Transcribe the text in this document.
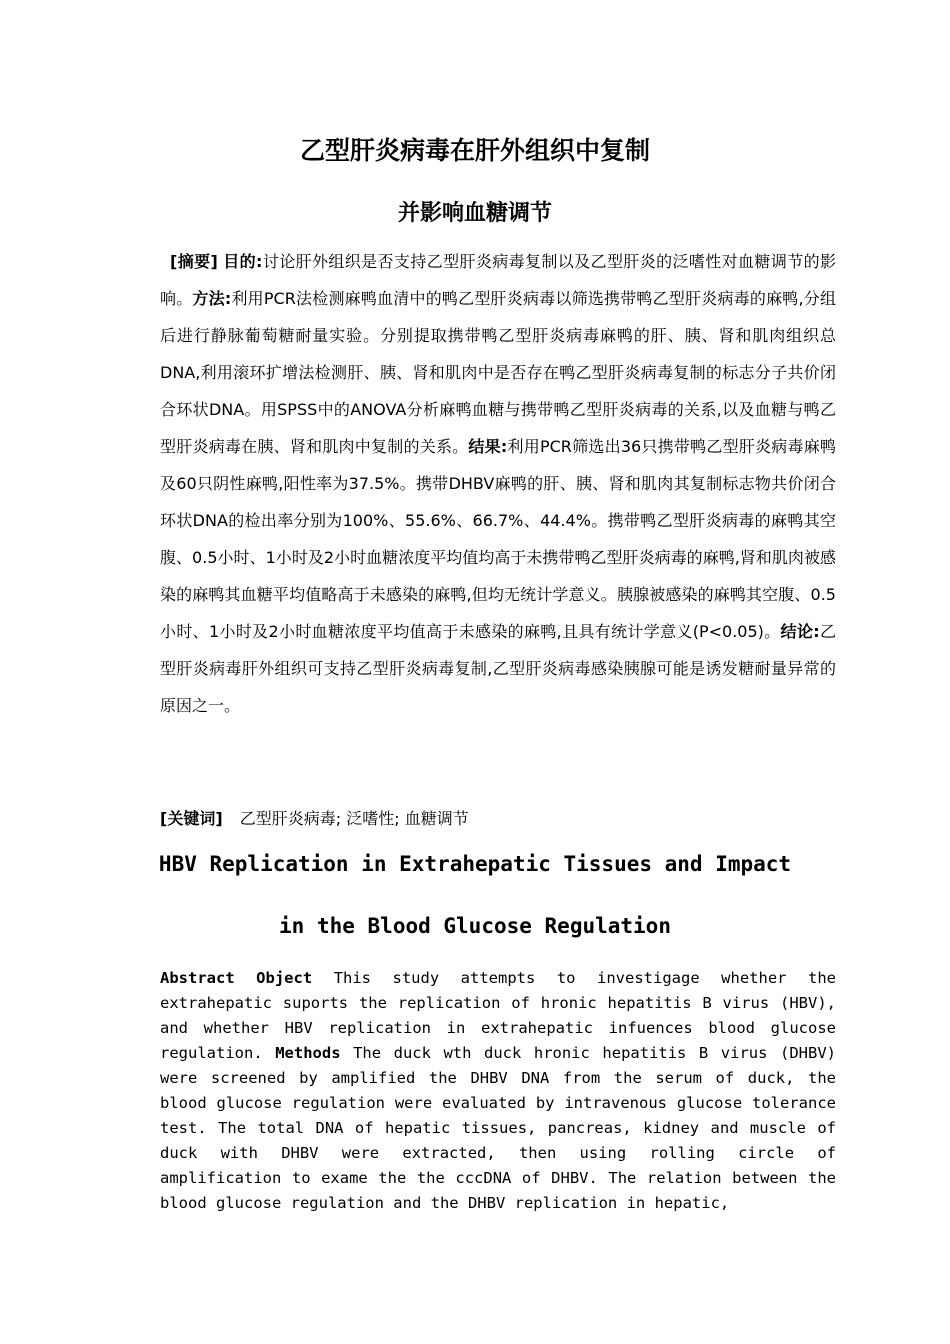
乙型肝炎病毒在肝外组织中复制
并影响血糖调节
[摘要] 目的:讨论肝外组织是否支持乙型肝炎病毒复制以及乙型肝炎的泛嗜性对血糖调节的影响。方法:利用PCR法检测麻鸭血清中的鸭乙型肝炎病毒以筛选携带鸭乙型肝炎病毒的麻鸭,分组后进行静脉葡萄糖耐量实验。分别提取携带鸭乙型肝炎病毒麻鸭的肝、胰、肾和肌肉组织总DNA,利用滚环扩增法检测肝、胰、肾和肌肉中是否存在鸭乙型肝炎病毒复制的标志分子共价闭合环状DNA。用SPSS中的ANOVA分析麻鸭血糖与携带鸭乙型肝炎病毒的关系,以及血糖与鸭乙型肝炎病毒在胰、肾和肌肉中复制的关系。结果:利用PCR筛选出36只携带鸭乙型肝炎病毒麻鸭及60只阴性麻鸭,阳性率为37.5%。携带DHBV麻鸭的肝、胰、肾和肌肉其复制标志物共价闭合环状DNA的检出率分别为100%、55.6%、66.7%、44.4%。携带鸭乙型肝炎病毒的麻鸭其空腹、0.5小时、1小时及2小时血糖浓度平均值均高于未携带鸭乙型肝炎病毒的麻鸭,肾和肌肉被感染的麻鸭其血糖平均值略高于未感染的麻鸭,但均无统计学意义。胰腺被感染的麻鸭其空腹、0.5小时、1小时及2小时血糖浓度平均值高于未感染的麻鸭,且具有统计学意义(P<0.05)。结论:乙型肝炎病毒肝外组织可支持乙型肝炎病毒复制,乙型肝炎病毒感染胰腺可能是诱发糖耐量异常的原因之一。
[关键词] 乙型肝炎病毒; 泛嗜性; 血糖调节
HBV Replication in Extrahepatic Tissues and Impact
in the Blood Glucose Regulation
Abstract Object This study attempts to investigage whether the extrahepatic suports the replication of hronic hepatitis B virus (HBV), and whether HBV replication in extrahepatic infuences blood glucose regulation. Methods The duck wth duck hronic hepatitis B virus (DHBV) were screened by amplified the DHBV DNA from the serum of duck, the blood glucose regulation were evaluated by intravenous glucose tolerance test. The total DNA of hepatic tissues, pancreas, kidney and muscle of duck with DHBV were extracted, then using rolling circle of amplification to exame the the cccDNA of DHBV. The relation between the blood glucose regulation and the DHBV replication in hepatic,
